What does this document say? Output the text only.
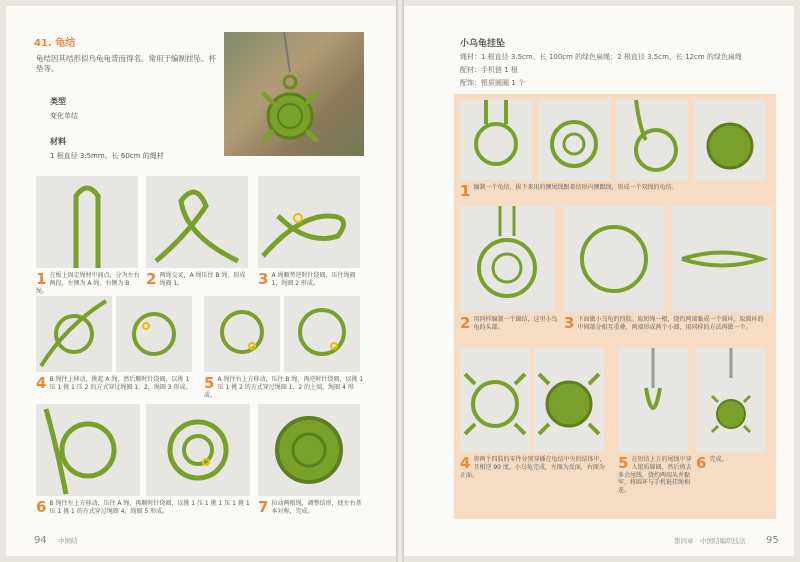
41. 龟结
龟结因其结形似乌龟龟背而得名。常用于编制挂坠、杯垫等。
类型
变化单结
材料
1 根直径 3.5mm、长 60cm 的绳材
1 在板上固定绳材中间点，分为左右两段，左侧为 A 绳，右侧为 B 绳。
2 两绳交叉，A 绳压住 B 绳，形成绳圈 1。	3 A 绳顺势逆时针绕圈，压住绳圈 1，绳圈 2 形成。
4 B 绳往上移动，挑起 A 绳，然后顺时针绕圈，以挑 1 压 1 挑 1 压 2 的方式穿过绳圈 1、2，绳圈 3 形成。 5 A 绳往右上方移动，压住 B 绳，再逆时针绕圈，以挑 1 压 1 挑 2 的方式穿过绳圈 1、2 的上端，绳圈 4 形成。
6 B 绳往左上方移动，压住 A 绳，再顺时针绕圈，以挑 1 压 1 挑 1 压 1 挑 1 压 1 挑 1 的方式穿过绳圈 4、绳圈 5 形成。	7 拉动两根绳，调整结形，使左右基本对称，完成。
94 中国结
小乌龟挂坠
绳材：1 根直径 3.5cm、长 100cm 的绿色扁绳；2 根直径 3.5cm、长 12cm 的绿色扁绳
配材：手机链 1 根
配饰：银质圆圈 1 个
1 编制一个龟结，拔下来用的侧尾线跟着结形内侧跟线，形成一个双线的龟结。
2 用同样编制一个圆结，这里小鸟龟的头部。	3 下面做小乌龟的四肢。取短绳一根，烧灼两端黏成一个圆环，取圆环的中间部分相互重叠，两端形成两个小圈，用同样的方法再做一个。
4 将两个四肢的零件分别穿插在龟结中央的结体中，且相逆 90 度。小乌龟完成，左图为反面，右图为正面。
5 在短结上方的尾线中穿入银质圆圈，然后剪去多余尾线，烧灼两端头并黏牢，将圆环与手机链挂绳相连。
6 完成。
第四章　中国结编织技法 95
